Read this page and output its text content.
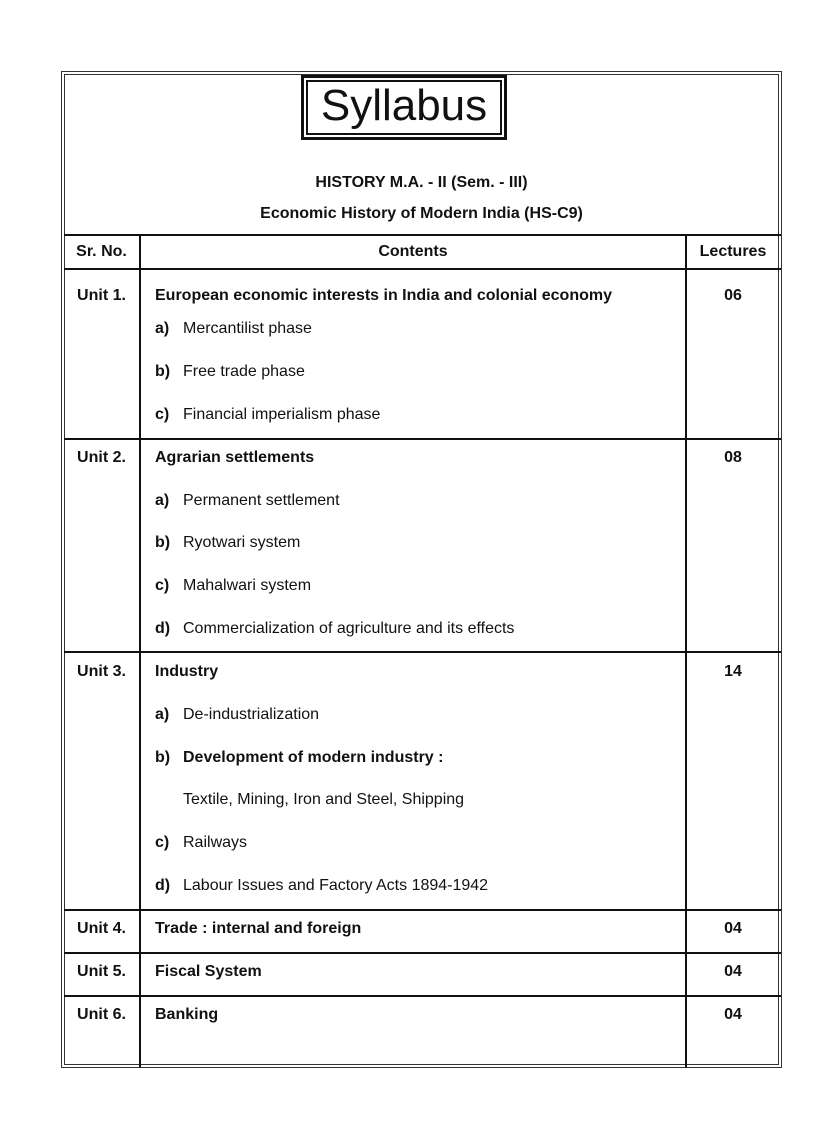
Syllabus
HISTORY M.A. - II (Sem. - III)
Economic History of Modern India (HS-C9)
Sr. No.	Contents	Lectures
Unit 1.	European economic interests in India and colonial economy	06
a) Mercantilist phase
b) Free trade phase
c) Financial imperialism phase
Unit 2.	Agrarian settlements	08
a) Permanent settlement
b) Ryotwari system
c) Mahalwari system
d) Commercialization of agriculture and its effects
Unit 3.	Industry	14
a) De-industrialization
b) Development of modern industry :
Textile, Mining, Iron and Steel, Shipping
c) Railways
d) Labour Issues and Factory Acts 1894-1942
Unit 4.	Trade : internal and foreign	04
Unit 5.	Fiscal System	04
Unit 6.	Banking	04
